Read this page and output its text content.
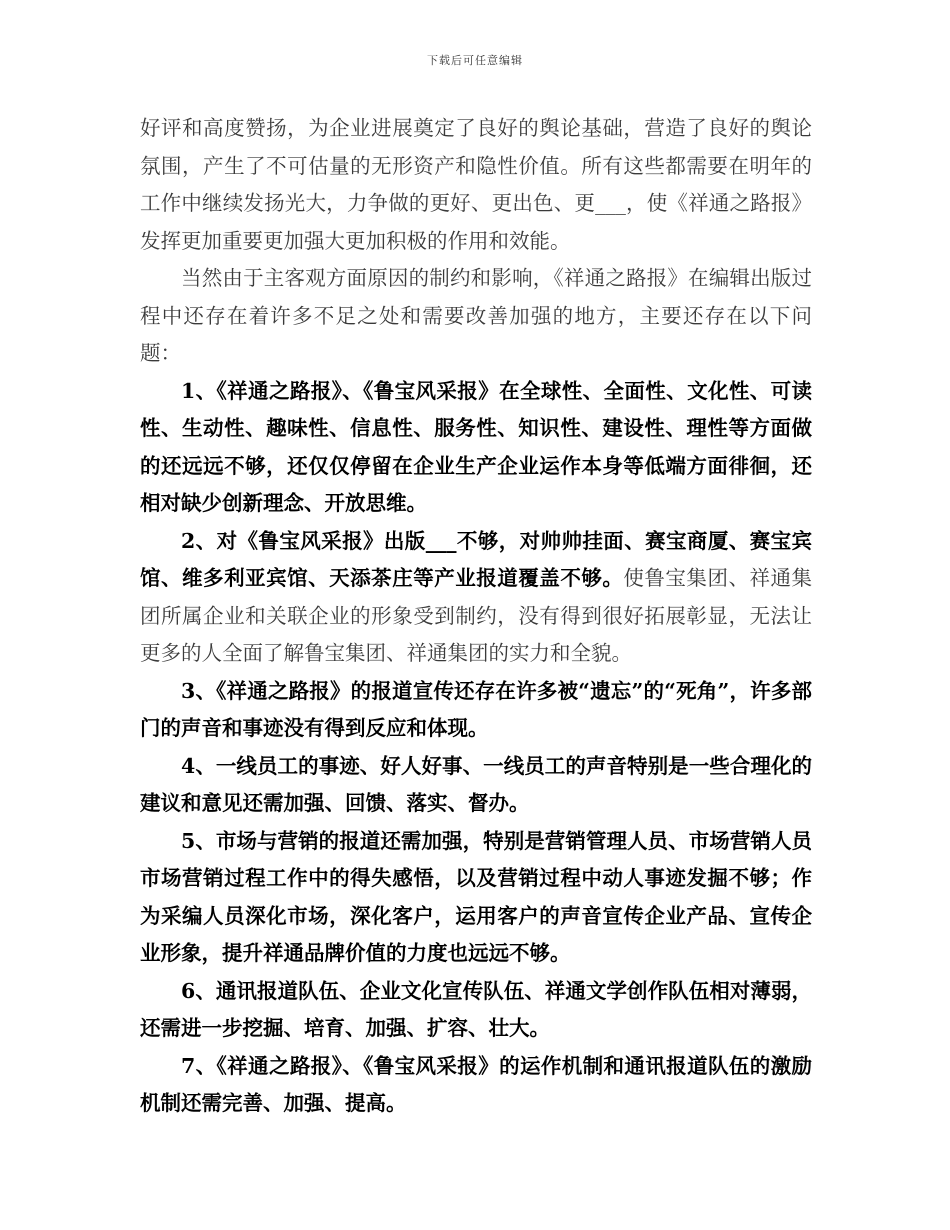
下载后可任意编辑

好评和高度赞扬，为企业进展奠定了良好的舆论基础，营造了良好的舆论氛围，产生了不可估量的无形资产和隐性价值。所有这些都需要在明年的工作中继续发扬光大，力争做的更好、更出色、更___，使《祥通之路报》发挥更加重要更加强大更加积极的作用和效能。

当然由于主客观方面原因的制约和影响，《祥通之路报》在编辑出版过程中还存在着许多不足之处和需要改善加强的地方，主要还存在以下问题：

1、《祥通之路报》、《鲁宝风采报》在全球性、全面性、文化性、可读性、生动性、趣味性、信息性、服务性、知识性、建设性、理性等方面做的还远远不够，还仅仅停留在企业生产企业运作本身等低端方面徘徊，还相对缺少创新理念、开放思维。

2、对《鲁宝风采报》出版___不够，对帅帅挂面、赛宝商厦、赛宝宾馆、维多利亚宾馆、天添茶庄等产业报道覆盖不够。使鲁宝集团、祥通集团所属企业和关联企业的形象受到制约，没有得到很好拓展彰显，无法让更多的人全面了解鲁宝集团、祥通集团的实力和全貌。

3、《祥通之路报》的报道宣传还存在许多被“遗忘”的“死角”，许多部门的声音和事迹没有得到反应和体现。

4、一线员工的事迹、好人好事、一线员工的声音特别是一些合理化的建议和意见还需加强、回馈、落实、督办。

5、市场与营销的报道还需加强，特别是营销管理人员、市场营销人员市场营销过程工作中的得失感悟，以及营销过程中动人事迹发掘不够；作为采编人员深化市场，深化客户，运用客户的声音宣传企业产品、宣传企业形象，提升祥通品牌价值的力度也远远不够。

6、通讯报道队伍、企业文化宣传队伍、祥通文学创作队伍相对薄弱，还需进一步挖掘、培育、加强、扩容、壮大。

7、《祥通之路报》、《鲁宝风采报》的运作机制和通讯报道队伍的激励机制还需完善、加强、提高。
